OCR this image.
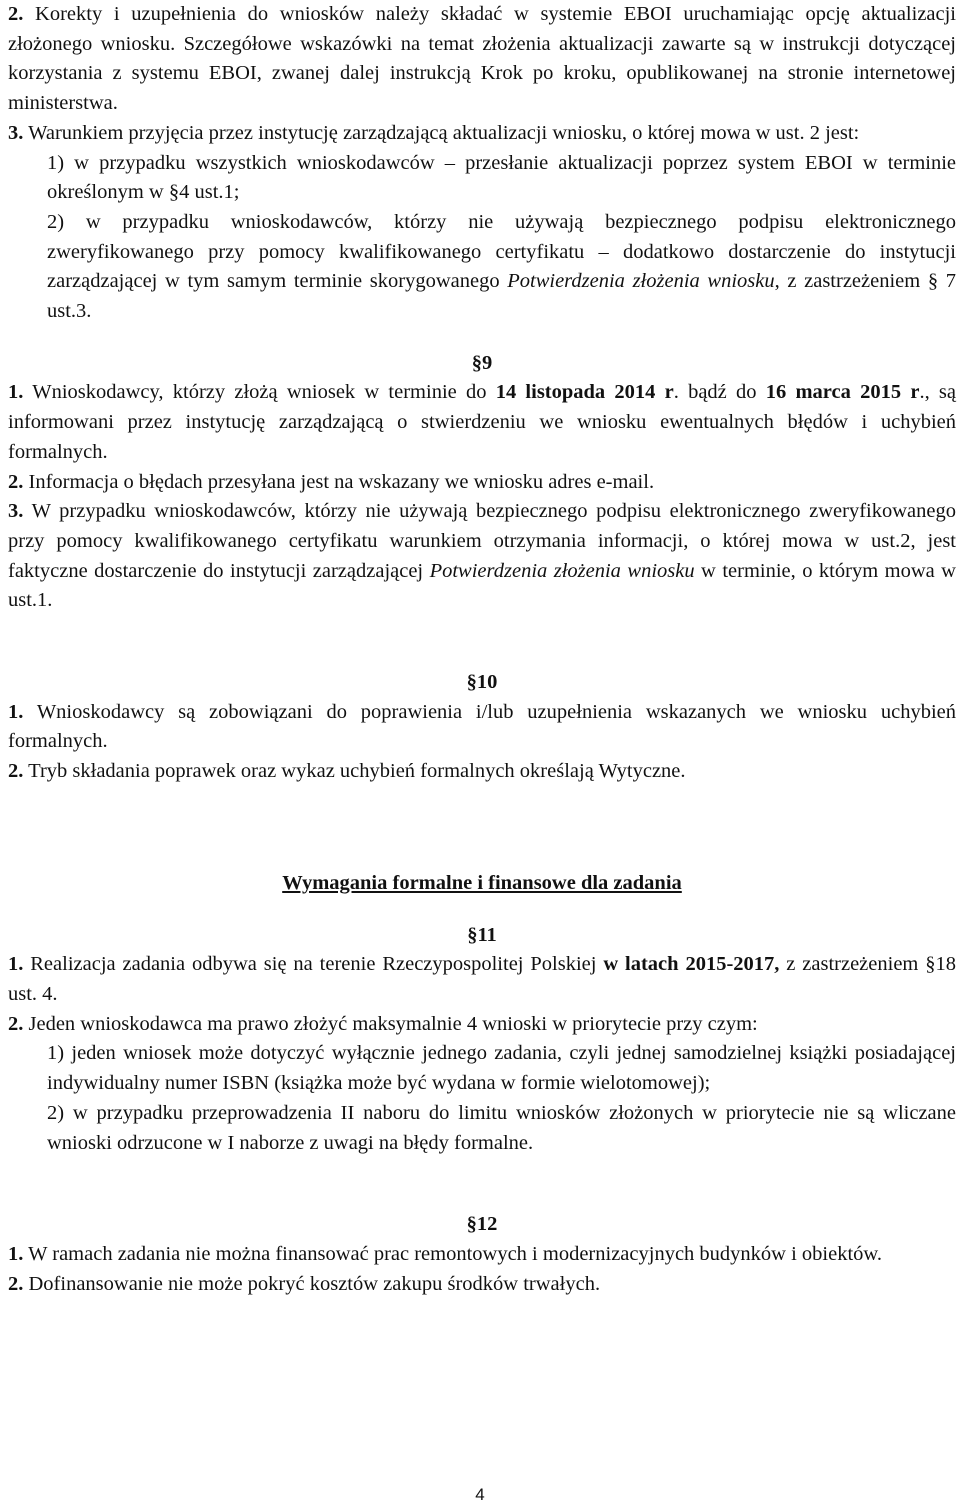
2. Korekty i uzupełnienia do wniosków należy składać w systemie EBOI uruchamiając opcję aktualizacji złożonego wniosku. Szczegółowe wskazówki na temat złożenia aktualizacji zawarte są w instrukcji dotyczącej korzystania z systemu EBOI, zwanej dalej instrukcją Krok po kroku, opublikowanej na stronie internetowej ministerstwa.

3. Warunkiem przyjęcia przez instytucję zarządzającą aktualizacji wniosku, o której mowa w ust. 2 jest:

1) w przypadku wszystkich wnioskodawców – przesłanie aktualizacji poprzez system EBOI w terminie określonym w §4 ust.1;

2) w przypadku wnioskodawców, którzy nie używają bezpiecznego podpisu elektronicznego zweryfikowanego przy pomocy kwalifikowanego certyfikatu – dodatkowo dostarczenie do instytucji zarządzającej w tym samym terminie skorygowanego Potwierdzenia złożenia wniosku, z zastrzeżeniem § 7 ust.3.

§9

1. Wnioskodawcy, którzy złożą wniosek w terminie do 14 listopada 2014 r. bądź do 16 marca 2015 r., są informowani przez instytucję zarządzającą o stwierdzeniu we wniosku ewentualnych błędów i uchybień formalnych.

2. Informacja o błędach przesyłana jest na wskazany we wniosku adres e-mail.

3. W przypadku wnioskodawców, którzy nie używają bezpiecznego podpisu elektronicznego zweryfikowanego przy pomocy kwalifikowanego certyfikatu warunkiem otrzymania informacji, o której mowa w ust.2, jest faktyczne dostarczenie do instytucji zarządzającej Potwierdzenia złożenia wniosku w terminie, o którym mowa w ust.1.

§10

1. Wnioskodawcy są zobowiązani do poprawienia i/lub uzupełnienia wskazanych we wniosku uchybień formalnych.

2. Tryb składania poprawek oraz wykaz uchybień formalnych określają Wytyczne.

Wymagania formalne i finansowe dla zadania

§11

1. Realizacja zadania odbywa się na terenie Rzeczypospolitej Polskiej w latach 2015-2017, z zastrzeżeniem §18 ust. 4.

2. Jeden wnioskodawca ma prawo złożyć maksymalnie 4 wnioski w priorytecie przy czym:

1) jeden wniosek może dotyczyć wyłącznie jednego zadania, czyli jednej samodzielnej książki posiadającej indywidualny numer ISBN (książka może być wydana w formie wielotomowej);

2) w przypadku przeprowadzenia II naboru do limitu wniosków złożonych w priorytecie nie są wliczane wnioski odrzucone w I naborze z uwagi na błędy formalne.

§12

1. W ramach zadania nie można finansować prac remontowych i modernizacyjnych budynków i obiektów.

2. Dofinansowanie nie może pokryć kosztów zakupu środków trwałych.

4
